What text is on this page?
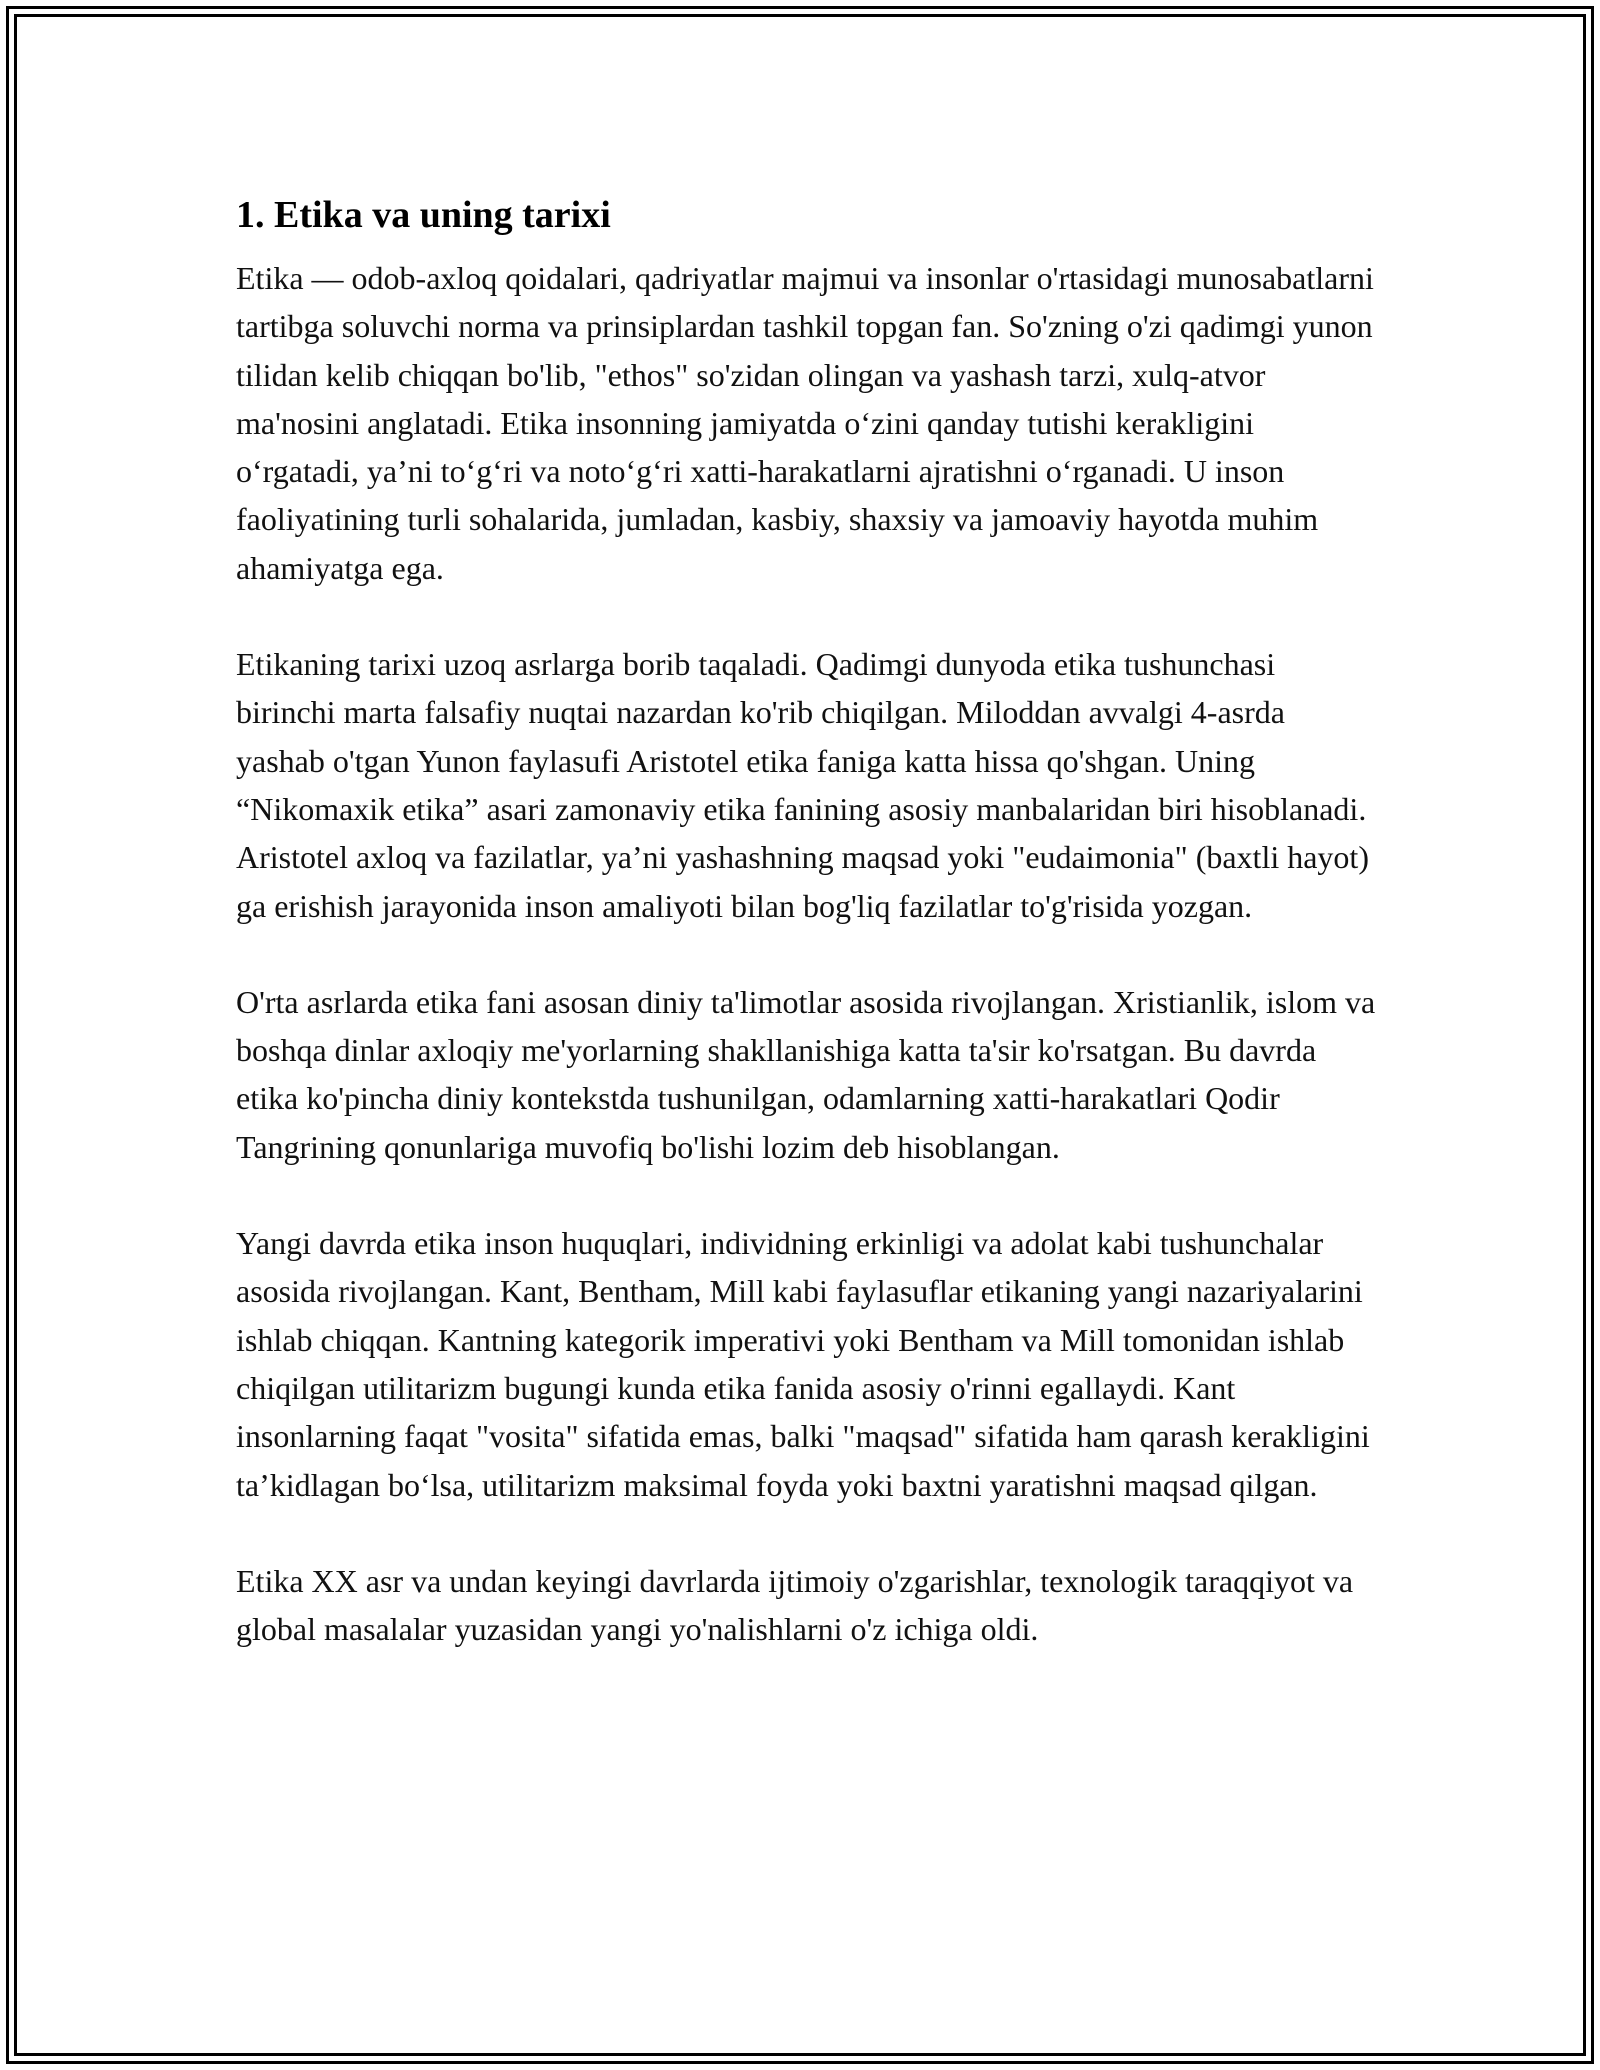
1. Etika va uning tarixi

Etika — odob-axloq qoidalari, qadriyatlar majmui va insonlar o'rtasidagi munosabatlarni tartibga soluvchi norma va prinsiplardan tashkil topgan fan. So'zning o'zi qadimgi yunon tilidan kelib chiqqan bo'lib, "ethos" so'zidan olingan va yashash tarzi, xulq-atvor ma'nosini anglatadi. Etika insonning jamiyatda o‘zini qanday tutishi kerakligini o‘rgatadi, ya’ni to‘g‘ri va noto‘g‘ri xatti-harakatlarni ajratishni o‘rganadi. U inson faoliyatining turli sohalarida, jumladan, kasbiy, shaxsiy va jamoaviy hayotda muhim ahamiyatga ega.

Etikaning tarixi uzoq asrlarga borib taqaladi. Qadimgi dunyoda etika tushunchasi birinchi marta falsafiy nuqtai nazardan ko'rib chiqilgan. Miloddan avvalgi 4-asrda yashab o'tgan Yunon faylasufi Aristotel etika faniga katta hissa qo'shgan. Uning “Nikomaxik etika” asari zamonaviy etika fanining asosiy manbalaridan biri hisoblanadi. Aristotel axloq va fazilatlar, ya’ni yashashning maqsad yoki "eudaimonia" (baxtli hayot) ga erishish jarayonida inson amaliyoti bilan bog'liq fazilatlar to'g'risida yozgan.

O'rta asrlarda etika fani asosan diniy ta'limotlar asosida rivojlangan. Xristianlik, islom va boshqa dinlar axloqiy me'yorlarning shakllanishiga katta ta'sir ko'rsatgan. Bu davrda etika ko'pincha diniy kontekstda tushunilgan, odamlarning xatti-harakatlari Qodir Tangrining qonunlariga muvofiq bo'lishi lozim deb hisoblangan.

Yangi davrda etika inson huquqlari, individning erkinligi va adolat kabi tushunchalar asosida rivojlangan. Kant, Bentham, Mill kabi faylasuflar etikaning yangi nazariyalarini ishlab chiqqan. Kantning kategorik imperativi yoki Bentham va Mill tomonidan ishlab chiqilgan utilitarizm bugungi kunda etika fanida asosiy o'rinni egallaydi. Kant insonlarning faqat "vosita" sifatida emas, balki "maqsad" sifatida ham qarash kerakligini ta’kidlagan bo‘lsa, utilitarizm maksimal foyda yoki baxtni yaratishni maqsad qilgan.

Etika XX asr va undan keyingi davrlarda ijtimoiy o'zgarishlar, texnologik taraqqiyot va global masalalar yuzasidan yangi yo'nalishlarni o'z ichiga oldi.
